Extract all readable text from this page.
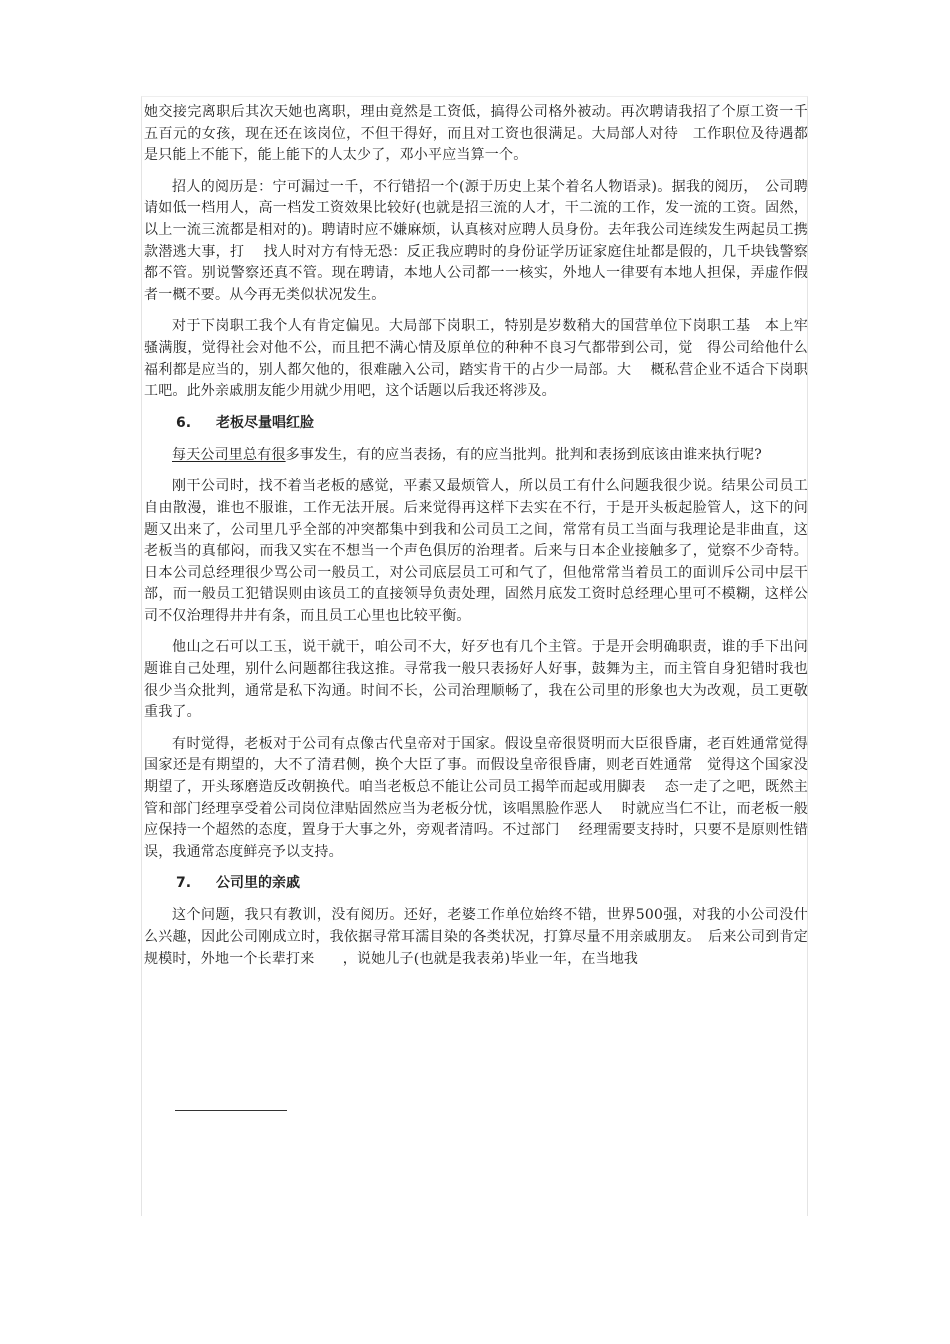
她交接完离职后其次天她也离职，理由竟然是工资低，搞得公司格外被动。再次聘请我招了个原工资一千五百元的女孩，现在还在该岗位，不但干得好，而且对工资也很满足。大局部人对待　工作职位及待遇都是只能上不能下，能上能下的人太少了，邓小平应当算一个。

招人的阅历是：宁可漏过一千，不行错招一个(源于历史上某个着名人物语录)。据我的阅历，　公司聘请如低一档用人，高一档发工资效果比较好(也就是招三流的人才，干二流的工作，发一流的工资。固然，以上一流三流都是相对的)。聘请时应不嫌麻烦，认真核对应聘人员身份。去年我公司连续发生两起员工携款潜逃大事，打　 找人时对方有恃无恐：反正我应聘时的身份证学历证家庭住址都是假的，几千块钱警察都不管。别说警察还真不管。现在聘请，本地人公司都一一核实，外地人一律要有本地人担保，弄虚作假者一概不要。从今再无类似状况发生。

对于下岗职工我个人有肯定偏见。大局部下岗职工，特别是岁数稍大的国营单位下岗职工基　本上牢骚满腹，觉得社会对他不公，而且把不满心情及原单位的种种不良习气都带到公司，觉　得公司给他什么福利都是应当的，别人都欠他的，很难融入公司，踏实肯干的占少一局部。大　 概私营企业不适合下岗职工吧。此外亲戚朋友能少用就少用吧，这个话题以后我还将涉及。

6. 老板尽量唱红脸

每天公司里总有很多事发生，有的应当表扬，有的应当批判。批判和表扬到底该由谁来执行呢?

刚干公司时，找不着当老板的感觉，平素又最烦管人，所以员工有什么问题我很少说。结果公司员工自由散漫，谁也不服谁，工作无法开展。后来觉得再这样下去实在不行，于是开头板起脸管人，这下的问题又出来了，公司里几乎全部的冲突都集中到我和公司员工之间，常常有员工当面与我理论是非曲直，这老板当的真郁闷，而我又实在不想当一个声色俱厉的治理者。后来与日本企业接触多了，觉察不少奇特。日本公司总经理很少骂公司一般员工，对公司底层员工可和气了，但他常常当着员工的面训斥公司中层干部，而一般员工犯错误则由该员工的直接领导负责处理，固然月底发工资时总经理心里可不模糊，这样公司不仅治理得井井有条，而且员工心里也比较平衡。

他山之石可以工玉，说干就干，咱公司不大，好歹也有几个主管。于是开会明确职责，谁的手下出问题谁自己处理，别什么问题都往我这推。寻常我一般只表扬好人好事，鼓舞为主，而主管自身犯错时我也很少当众批判，通常是私下沟通。时间不长，公司治理顺畅了，我在公司里的形象也大为改观，员工更敬重我了。

有时觉得，老板对于公司有点像古代皇帝对于国家。假设皇帝很贤明而大臣很昏庸，老百姓通常觉得国家还是有期望的，大不了清君侧，换个大臣了事。而假设皇帝很昏庸，则老百姓通常　觉得这个国家没期望了，开头琢磨造反改朝换代。咱当老板总不能让公司员工揭竿而起或用脚表　 态一走了之吧，既然主管和部门经理享受着公司岗位津贴固然应当为老板分忧，该唱黑脸作恶人　 时就应当仁不让，而老板一般应保持一个超然的态度，置身于大事之外，旁观者清吗。不过部门　 经理需要支持时，只要不是原则性错误，我通常态度鲜亮予以支持。

7. 公司里的亲戚

这个问题，我只有教训，没有阅历。还好，老婆工作单位始终不错，世界500强，对我的小公司没什么兴趣，因此公司刚成立时，我依据寻常耳濡目染的各类状况，打算尽量不用亲戚朋友。　后来公司到肯定规模时，外地一个长辈打来　　，说她儿子(也就是我表弟)毕业一年，在当地我
